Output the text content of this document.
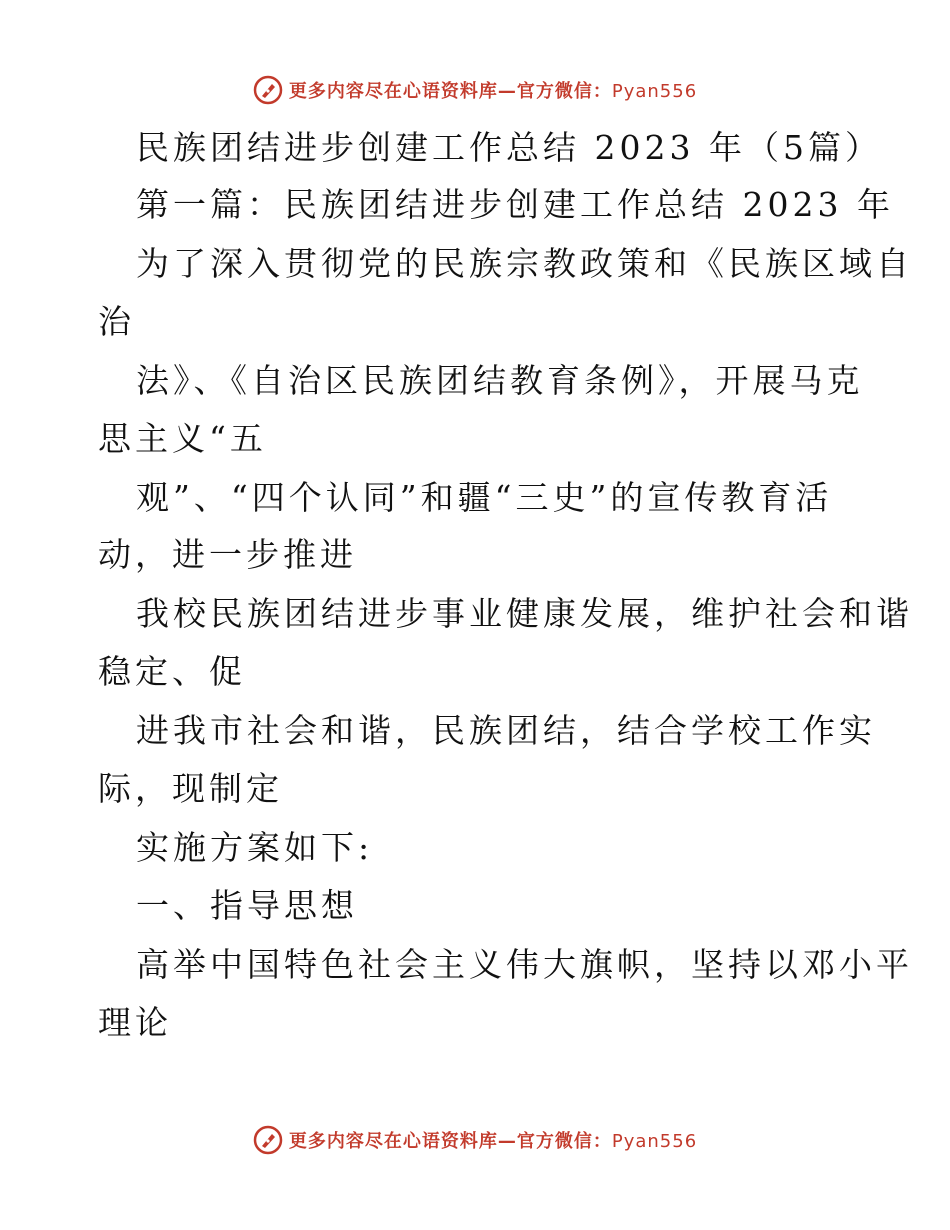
更多内容尽在心语资料库—官方微信：Pyan556
民族团结进步创建工作总结 2023 年（5篇）
第一篇：民族团结进步创建工作总结 2023 年
为了深入贯彻党的民族宗教政策和《民族区域自
治
法》、《自治区民族团结教育条例》，开展马克
思主义“五
观”、“四个认同”和疆“三史”的宣传教育活
动，进一步推进
我校民族团结进步事业健康发展，维护社会和谐
稳定、促
进我市社会和谐，民族团结，结合学校工作实
际，现制定
实施方案如下:
一、指导思想
高举中国特色社会主义伟大旗帜，坚持以邓小平
理论
更多内容尽在心语资料库—官方微信：Pyan556
